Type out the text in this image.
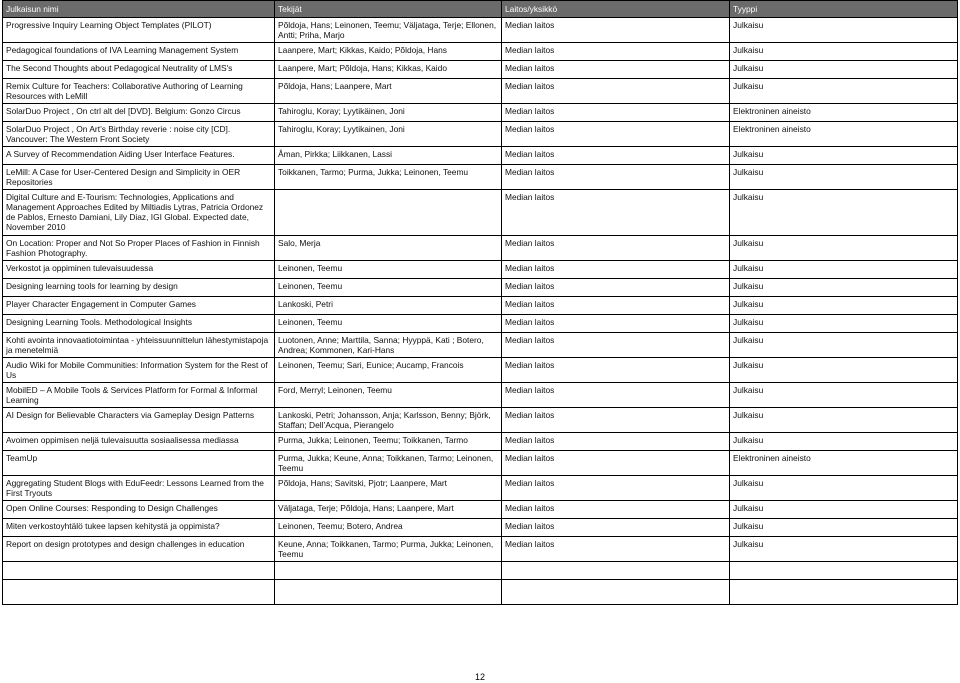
Julkaisun nimi	Tekijät	Laitos/yksikkö	Tyyppi
Progressive Inquiry Learning Object Templates (PILOT)	Põldoja, Hans; Leinonen, Teemu; Väljataga, Terje; Ellonen, Antti; Priha, Marjo	Median laitos	Julkaisu
Pedagogical foundations of IVA Learning Management System	Laanpere, Mart; Kikkas, Kaido; Põldoja, Hans	Median laitos	Julkaisu
The Second Thoughts about Pedagogical Neutrality of LMS's	Laanpere, Mart; Põldoja, Hans; Kikkas, Kaido	Median laitos	Julkaisu
Remix Culture for Teachers: Collaborative Authoring of Learning Resources with LeMill	Põldoja, Hans; Laanpere, Mart	Median laitos	Julkaisu
SolarDuo Project , On ctrl alt del [DVD]. Belgium: Gonzo Circus	Tahiroglu, Koray; Lyytikäinen, Joni	Median laitos	Elektroninen aineisto
SolarDuo Project , On Art’s Birthday reverie : noise city [CD]. Vancouver: The Western Front Society	Tahiroglu, Koray; Lyytikainen, Joni	Median laitos	Elektroninen aineisto
A Survey of Recommendation Aiding User Interface Features.	Åman, Pirkka; Liikkanen, Lassi	Median laitos	Julkaisu
LeMill: A Case for User-Centered Design and Simplicity in OER Repositories	Toikkanen, Tarmo; Purma, Jukka; Leinonen, Teemu	Median laitos	Julkaisu
Digital Culture and E-Tourism: Technologies, Applications and Management Approaches Edited by Miltiadis Lytras, Patricia Ordonez de Pablos, Ernesto Damiani, Lily Diaz, IGI Global. Expected date, November 2010		Median laitos	Julkaisu
On Location: Proper and Not So Proper Places of Fashion in Finnish Fashion Photography.	Salo, Merja	Median laitos	Julkaisu
Verkostot ja oppiminen tulevaisuudessa	Leinonen, Teemu	Median laitos	Julkaisu
Designing learning tools for learning by design	Leinonen, Teemu	Median laitos	Julkaisu
Player Character Engagement in Computer Games	Lankoski, Petri	Median laitos	Julkaisu
Designing Learning Tools. Methodological Insights	Leinonen, Teemu	Median laitos	Julkaisu
Kohti avointa innovaatiotoimintaa - yhteissuunnittelun lähestymistapoja ja menetelmiä	Luotonen, Anne; Marttila, Sanna; Hyyppä, Kati ; Botero, Andrea; Kommonen, Kari-Hans	Median laitos	Julkaisu
Audio Wiki for Mobile Communities: Information System for the Rest of Us	Leinonen, Teemu; Sari, Eunice; Aucamp, Francois	Median laitos	Julkaisu
MobilED – A Mobile Tools & Services Platform for Formal & Informal Learning	Ford, Merryl; Leinonen, Teemu	Median laitos	Julkaisu
AI Design for Believable Characters via Gameplay Design Patterns	Lankoski, Petri; Johansson, Anja; Karlsson, Benny; Björk, Staffan; Dell’Acqua, Pierangelo	Median laitos	Julkaisu
Avoimen oppimisen neljä tulevaisuutta sosiaalisessa mediassa	Purma, Jukka; Leinonen, Teemu; Toikkanen, Tarmo	Median laitos	Julkaisu
TeamUp	Purma, Jukka; Keune, Anna; Toikkanen, Tarmo; Leinonen, Teemu	Median laitos	Elektroninen aineisto
Aggregating Student Blogs with EduFeedr: Lessons Learned from the First Tryouts	Põldoja, Hans; Savitski, Pjotr; Laanpere, Mart	Median laitos	Julkaisu
Open Online Courses: Responding to Design Challenges	Väljataga, Terje; Põldoja, Hans; Laanpere, Mart	Median laitos	Julkaisu
Miten verkostoyhtälö tukee lapsen kehitystä ja oppimista?	Leinonen, Teemu; Botero, Andrea	Median laitos	Julkaisu
Report on design prototypes and design challenges in education	Keune, Anna; Toikkanen, Tarmo; Purma, Jukka; Leinonen, Teemu	Median laitos	Julkaisu

12
